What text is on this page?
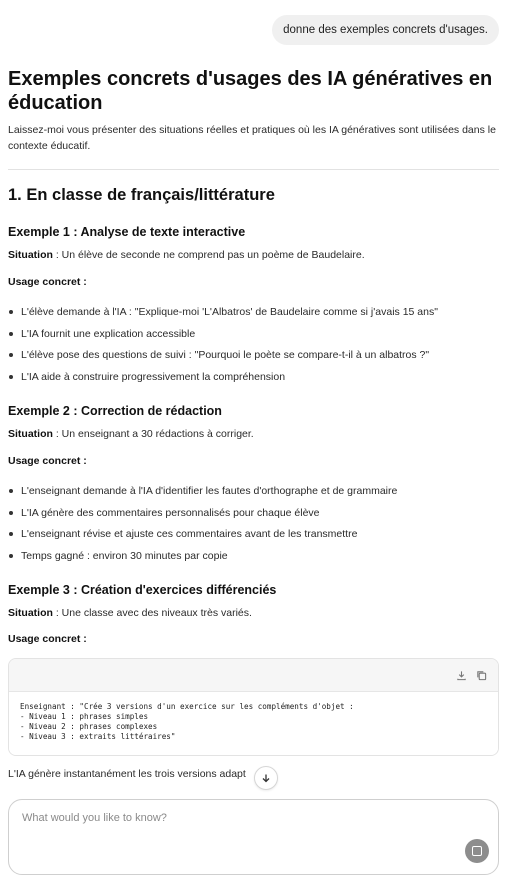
donne des exemples concrets d'usages.
Exemples concrets d'usages des IA génératives en éducation

Laissez-moi vous présenter des situations réelles et pratiques où les IA génératives sont utilisées dans le contexte éducatif.

1. En classe de français/littérature
Exemple 1 : Analyse de texte interactive

Situation : Un élève de seconde ne comprend pas un poème de Baudelaire.

Usage concret :

L'élève demande à l'IA : "Explique-moi 'L'Albatros' de Baudelaire comme si j'avais 15 ans"
L'IA fournit une explication accessible
L'élève pose des questions de suivi : "Pourquoi le poète se compare-t-il à un albatros ?"
L'IA aide à construire progressivement la compréhension
Exemple 2 : Correction de rédaction

Situation : Un enseignant a 30 rédactions à corriger.

Usage concret :

L'enseignant demande à l'IA d'identifier les fautes d'orthographe et de grammaire
L'IA génère des commentaires personnalisés pour chaque élève
L'enseignant révise et ajuste ces commentaires avant de les transmettre
Temps gagné : environ 30 minutes par copie
Exemple 3 : Création d'exercices différenciés

Situation : Une classe avec des niveaux très variés.

Usage concret :

Enseignant : "Crée 3 versions d'un exercice sur les compléments d'objet :
- Niveau 1 : phrases simples
- Niveau 2 : phrases complexes
- Niveau 3 : extraits littéraires"

L'IA génère instantanément les trois versions adapt

What would you like to know?
